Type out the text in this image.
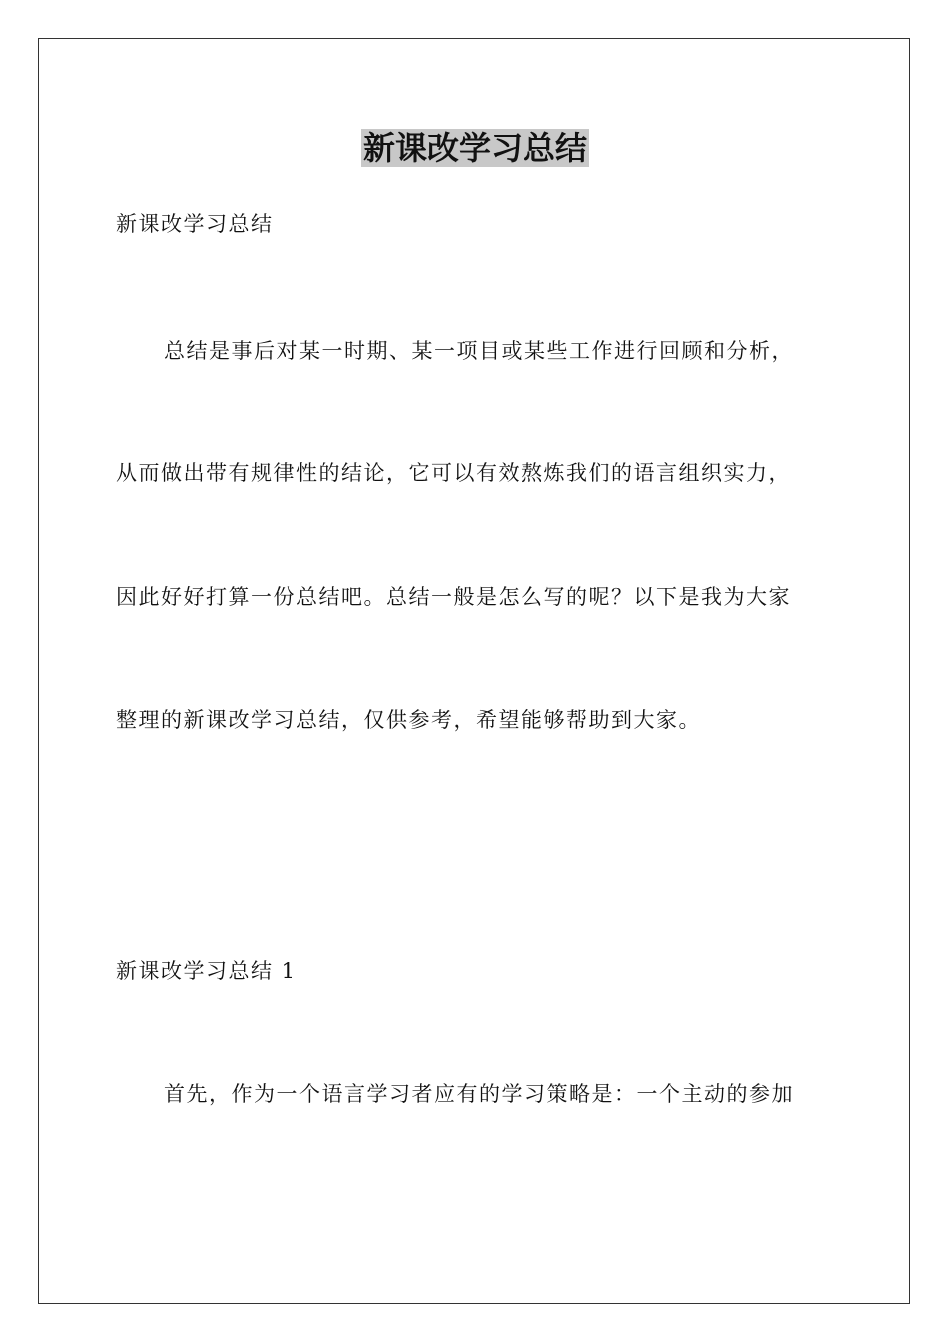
新课改学习总结

新课改学习总结

总结是事后对某一时期、某一项目或某些工作进行回顾和分析，

从而做出带有规律性的结论，它可以有效熬炼我们的语言组织实力，

因此好好打算一份总结吧。总结一般是怎么写的呢？以下是我为大家

整理的新课改学习总结，仅供参考，希望能够帮助到大家。

新课改学习总结 1

首先，作为一个语言学习者应有的学习策略是：一个主动的参加
